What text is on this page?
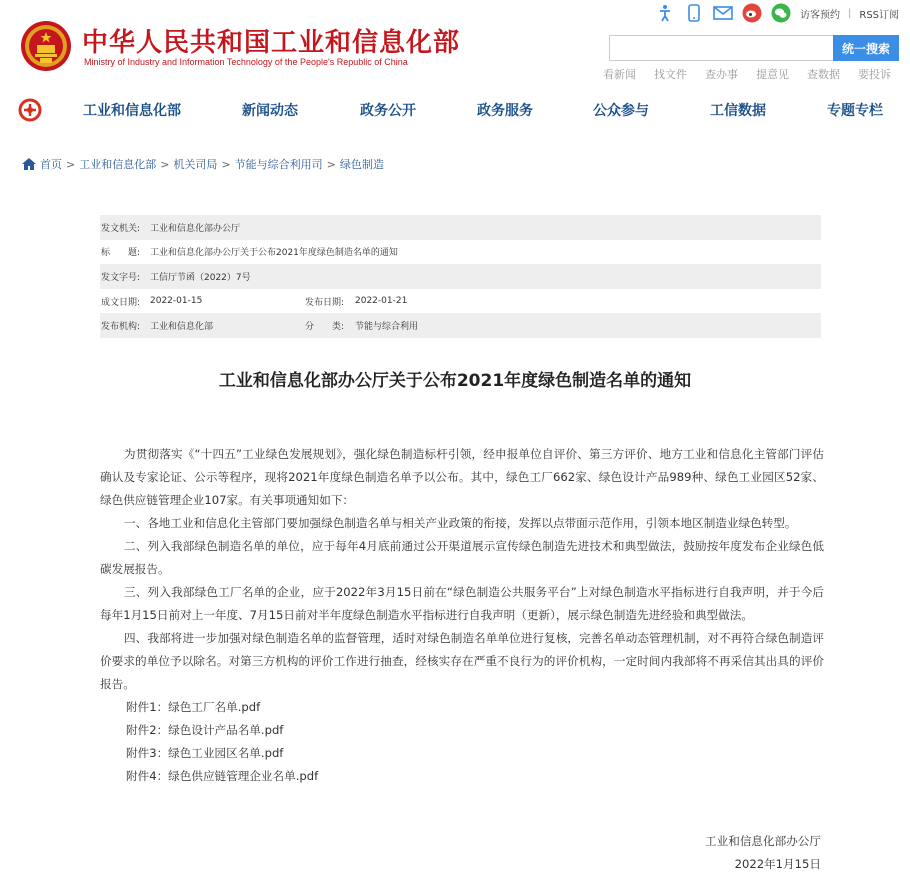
中华人民共和国工业和信息化部
Ministry of Industry and Information Technology of the People's Republic of China
访客预约 | RSS订阅
统一搜索
看新闻 找文件 查办事 提意见 查数据 要投诉
工业和信息化部	新闻动态	政务公开	政务服务	公众参与	工信数据	专题专栏
首页 > 工业和信息化部 > 机关司局 > 节能与综合利用司 > 绿色制造
发文机关: 工业和信息化部办公厅
标　　题: 工业和信息化部办公厅关于公布2021年度绿色制造名单的通知
发文字号: 工信厅节函（2022）7号
成文日期: 2022-01-15	发布日期: 2022-01-21
发布机构: 工业和信息化部	分　　类: 节能与综合利用
工业和信息化部办公厅关于公布2021年度绿色制造名单的通知

为贯彻落实《“十四五”工业绿色发展规划》，强化绿色制造标杆引领，经申报单位自评价、第三方评价、地方工业和信息化主管部门评估确认及专家论证、公示等程序，现将2021年度绿色制造名单予以公布。其中，绿色工厂662家、绿色设计产品989种、绿色工业园区52家、绿色供应链管理企业107家。有关事项通知如下：

一、各地工业和信息化主管部门要加强绿色制造名单与相关产业政策的衔接，发挥以点带面示范作用，引领本地区制造业绿色转型。

二、列入我部绿色制造名单的单位，应于每年4月底前通过公开渠道展示宣传绿色制造先进技术和典型做法，鼓励按年度发布企业绿色低碳发展报告。

三、列入我部绿色工厂名单的企业，应于2022年3月15日前在“绿色制造公共服务平台”上对绿色制造水平指标进行自我声明，并于今后每年1月15日前对上一年度、7月15日前对半年度绿色制造水平指标进行自我声明（更新），展示绿色制造先进经验和典型做法。

四、我部将进一步加强对绿色制造名单的监督管理，适时对绿色制造名单单位进行复核，完善名单动态管理机制，对不再符合绿色制造评价要求的单位予以除名。对第三方机构的评价工作进行抽查，经核实存在严重不良行为的评价机构，一定时间内我部将不再采信其出具的评价报告。

附件1：绿色工厂名单.pdf
附件2：绿色设计产品名单.pdf
附件3：绿色工业园区名单.pdf
附件4：绿色供应链管理企业名单.pdf
工业和信息化部办公厅
2022年1月15日
